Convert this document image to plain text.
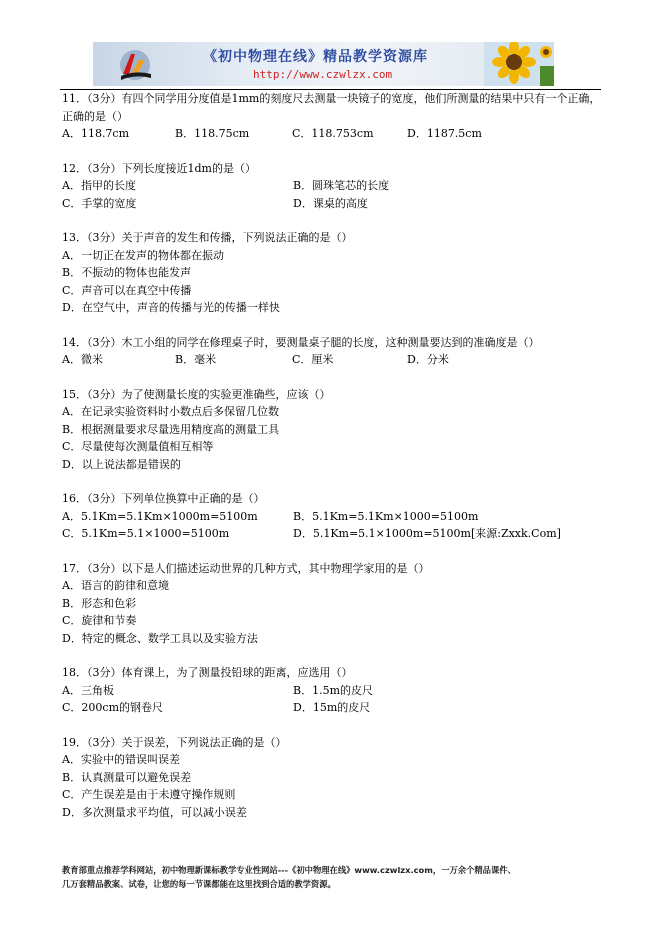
《初中物理在线》精品教学资源库
http://www.czwlzx.com
11．（3分）有四个同学用分度值是1mm的刻度尺去测量一块镜子的宽度，他们所测量的结果中只有一个正确，正确的是（）
A．118.7cm	B．118.75cm	C．118.753cm	D．1187.5cm
12．（3分）下列长度接近1dm的是（）
A．指甲的长度	B．圆珠笔芯的长度
C．手掌的宽度	D．课桌的高度
13．（3分）关于声音的发生和传播，下列说法正确的是（）
A．一切正在发声的物体都在振动
B．不振动的物体也能发声
C．声音可以在真空中传播
D．在空气中，声音的传播与光的传播一样快
14．（3分）木工小组的同学在修理桌子时，要测量桌子腿的长度，这种测量要达到的准确度是（）
A．微米	B．毫米	C．厘米	D．分米
15．（3分）为了使测量长度的实验更准确些，应该（）
A．在记录实验资料时小数点后多保留几位数
B．根据测量要求尽量选用精度高的测量工具
C．尽量使每次测量值相互相等
D．以上说法都是错误的
16．（3分）下列单位换算中正确的是（）
A．5.1Km=5.1Km×1000m=5100m	B．5.1Km=5.1Km×1000=5100m
C．5.1Km=5.1×1000=5100m	D．5.1Km=5.1×1000m=5100m[来源:Zxxk.Com]
17．（3分）以下是人们描述运动世界的几种方式，其中物理学家用的是（）
A．语言的韵律和意境
B．形态和色彩
C．旋律和节奏
D．特定的概念、数学工具以及实验方法
18．（3分）体育课上，为了测量投铅球的距离，应选用（）
A．三角板	B．1.5m的皮尺
C．200cm的钢卷尺	D．15m的皮尺
19．（3分）关于误差，下列说法正确的是（）
A．实验中的错误叫误差
B．认真测量可以避免误差
C．产生误差是由于未遵守操作规则
D．多次测量求平均值，可以减小误差
教育部重点推荐学科网站，初中物理新课标教学专业性网站---《初中物理在线》www.czwlzx.com，一万余个精品课件、
几万套精品教案、试卷，让您的每一节课都能在这里找到合适的教学资源。
